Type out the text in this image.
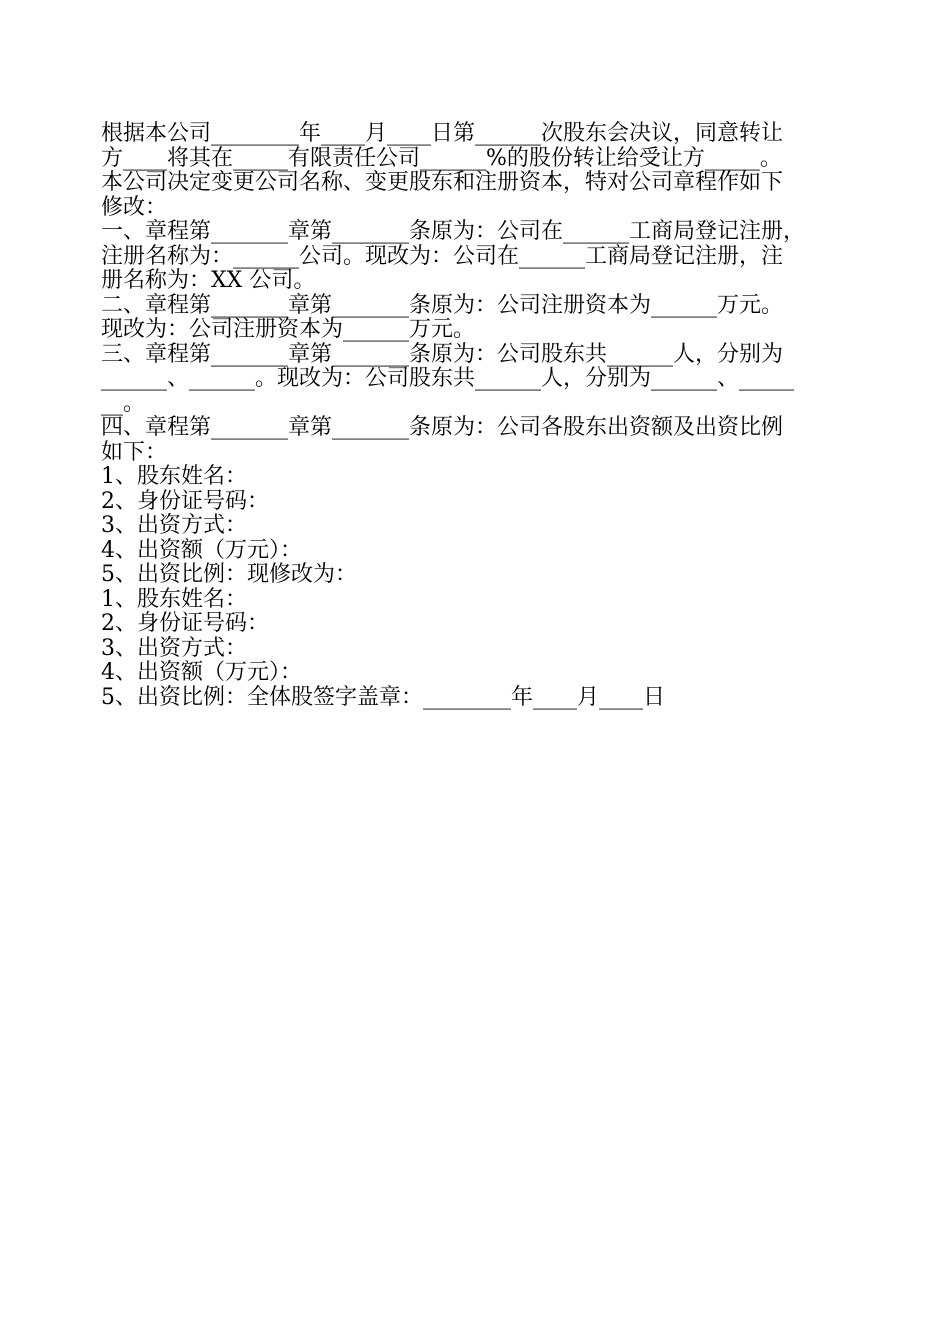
根据本公司________年____月____日第______次股东会决议，同意转让
方____将其在_____有限责任公司______%的股份转让给受让方_____。
本公司决定变更公司名称、变更股东和注册资本，特对公司章程作如下
修改：
一、章程第_______章第_______条原为：公司在______工商局登记注册，
注册名称为：______公司。现改为：公司在______工商局登记注册，注
册名称为：XX 公司。
二、章程第_______章第_______条原为：公司注册资本为______万元。
现改为：公司注册资本为______万元。
三、章程第_______章第_______条原为：公司股东共______人，分别为
______、______。现改为：公司股东共______人，分别为______、_____
__。
四、章程第_______章第_______条原为：公司各股东出资额及出资比例
如下：
1、股东姓名：
2、身份证号码：
3、出资方式：
4、出资额（万元）：
5、出资比例：现修改为：
1、股东姓名：
2、身份证号码：
3、出资方式：
4、出资额（万元）：
5、出资比例：全体股签字盖章：________年____月____日
